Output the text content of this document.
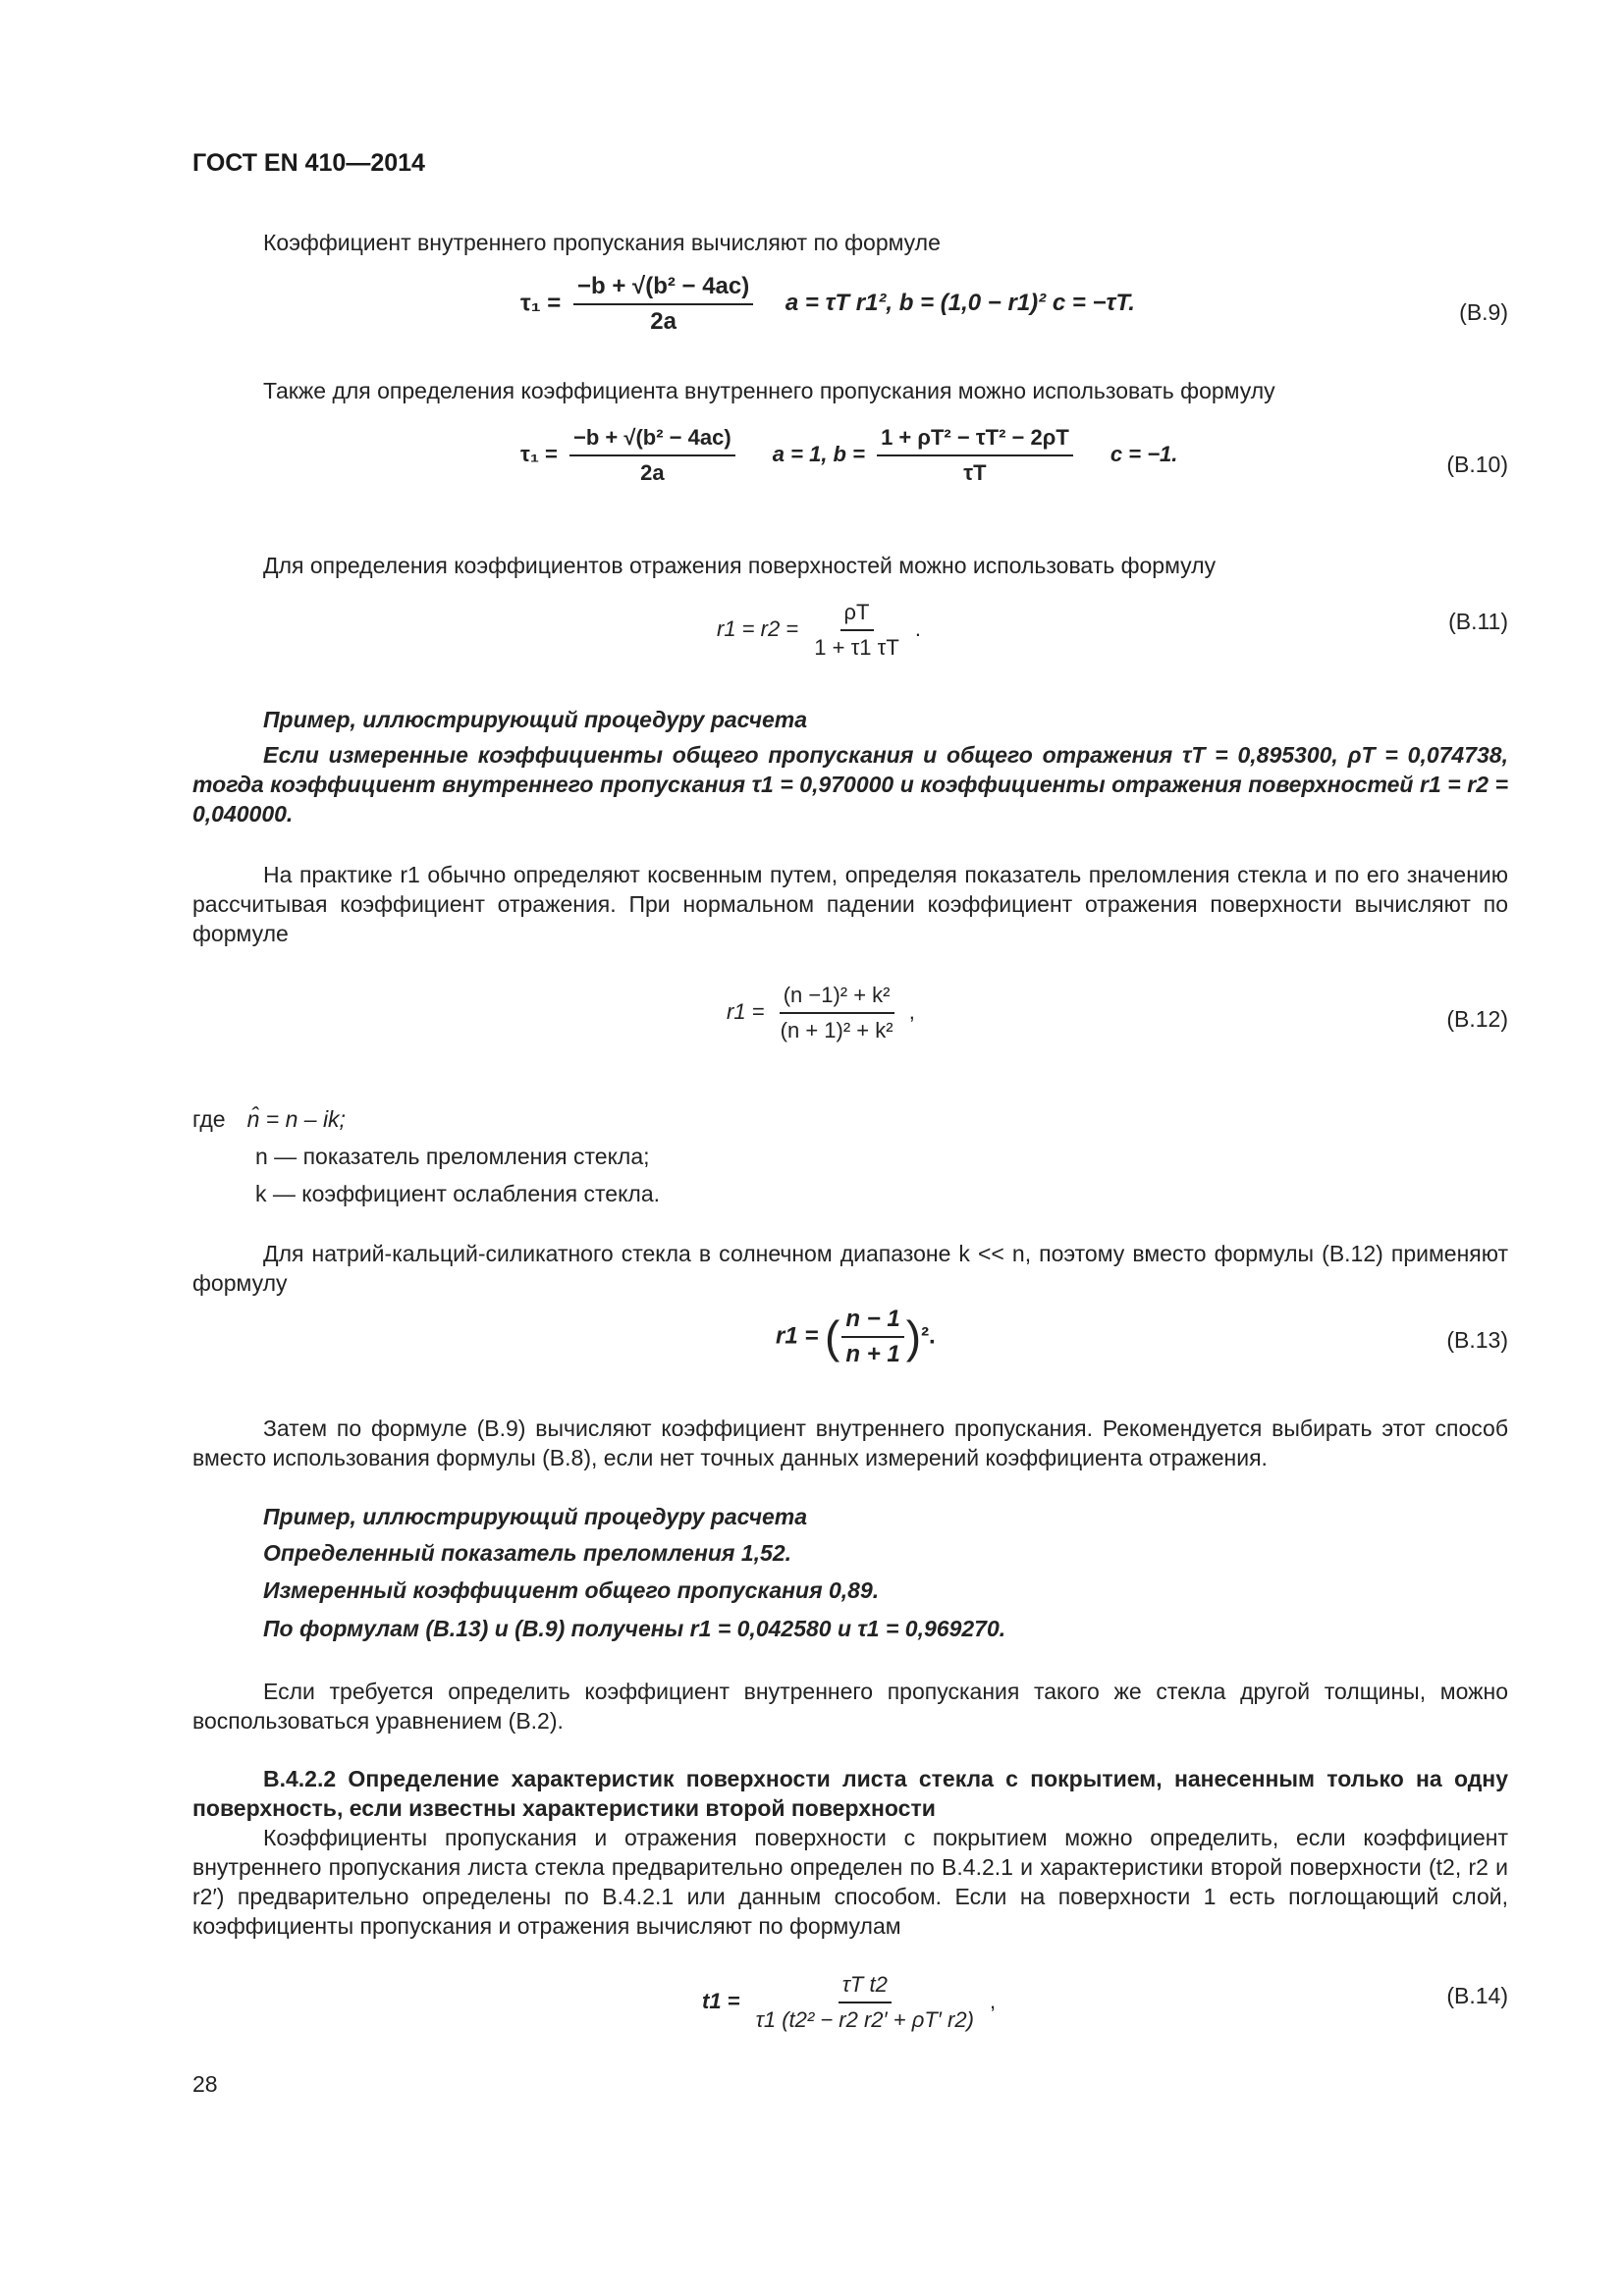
ГОСТ EN 410—2014
Коэффициент внутреннего пропускания вычисляют по формуле
$\tau_1 = \frac{\text{−b + √(b² − 4ac)}}{2a}$ a = τT r1², b = (1,0 − r1)² c = −τT.	(B.9)
Также для определения коэффициента внутреннего пропускания можно использовать формулу
$\tau_1 = \frac{\text{−b + √(b² − 4ac)}}{2a}$ a = 1, $b = \frac{\text{1 + ρT² − τT² − 2ρT}}{\tau T}$ c = −1.	(B.10)
Для определения коэффициентов отражения поверхностей можно использовать формулу
$r1 = r2 = \frac{\rho T}{1 + \tau 1 \tau T}$ .	(B.11)
Пример, иллюстрирующий процедуру расчета
Если измеренные коэффициенты общего пропускания и общего отражения τT = 0,895300, ρT = 0,074738, тогда коэффициент внутреннего пропускания τ1 = 0,970000 и коэффициенты отражения поверхностей r1 = r2 = 0,040000.
На практике r1 обычно определяют косвенным путем, определяя показатель преломления стекла и по его значению рассчитывая коэффициент отражения. При нормальном падении коэффициент отражения поверхности вычисляют по формуле
$r1 = \frac{\text{(n −1)² + k²}}{\text{(n + 1)² + k²}}$ ,	(B.12)
где n̂ = n – ik;
n — показатель преломления стекла;
k — коэффициент ослабления стекла.
Для натрий-кальций-силикатного стекла в солнечном диапазоне k << n, поэтому вместо формулы (B.12) применяют формулу
r1 = ( $\frac{n - 1}{n + 1} )^2$.	(B.13)
Затем по формуле (B.9) вычисляют коэффициент внутреннего пропускания. Рекомендуется выбирать этот способ вместо использования формулы (B.8), если нет точных данных измерений коэффициента отражения.
Пример, иллюстрирующий процедуру расчета
Определенный показатель преломления 1,52.
Измеренный коэффициент общего пропускания 0,89.
По формулам (B.13) и (B.9) получены r1 = 0,042580 и τ1 = 0,969270.
Если требуется определить коэффициент внутреннего пропускания такого же стекла другой толщины, можно воспользоваться уравнением (B.2).
B.4.2.2 Определение характеристик поверхности листа стекла с покрытием, нанесенным только на одну поверхность, если известны характеристики второй поверхности
Коэффициенты пропускания и отражения поверхности с покрытием можно определить, если коэффициент внутреннего пропускания листа стекла предварительно определен по B.4.2.1 и характеристики второй поверхности (t2, r2 и r2′) предварительно определены по B.4.2.1 или данным способом. Если на поверхности 1 есть поглощающий слой, коэффициенты пропускания и отражения вычисляют по формулам
$t1 = \frac{\text{τT t2}}{\text{τ1 (t2² − r2 r2′ + ρT′ r2)}}$ ,	(B.14)
28
